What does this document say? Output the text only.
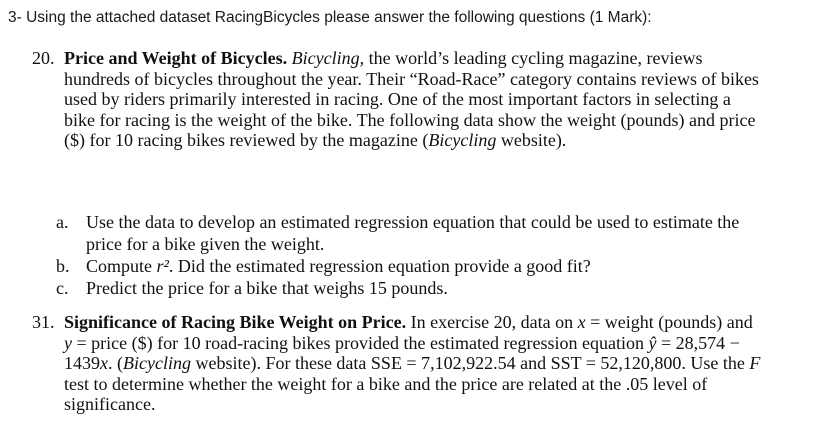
3- Using the attached dataset RacingBicycles please answer the following questions (1 Mark):
20. Price and Weight of Bicycles. Bicycling, the world’s leading cycling magazine, reviews hundreds of bicycles throughout the year. Their “Road-Race” category contains reviews of bikes used by riders primarily interested in racing. One of the most important factors in selecting a bike for racing is the weight of the bike. The following data show the weight (pounds) and price ($) for 10 racing bikes reviewed by the magazine (Bicycling website).
a. Use the data to develop an estimated regression equation that could be used to estimate the price for a bike given the weight.
b. Compute r². Did the estimated regression equation provide a good fit?
c. Predict the price for a bike that weighs 15 pounds.
31. Significance of Racing Bike Weight on Price. In exercise 20, data on x = weight (pounds) and y = price ($) for 10 road-racing bikes provided the estimated regression equation ŷ = 28,574 − 1439x. (Bicycling website). For these data SSE = 7,102,922.54 and SST = 52,120,800. Use the F test to determine whether the weight for a bike and the price are related at the .05 level of significance.
